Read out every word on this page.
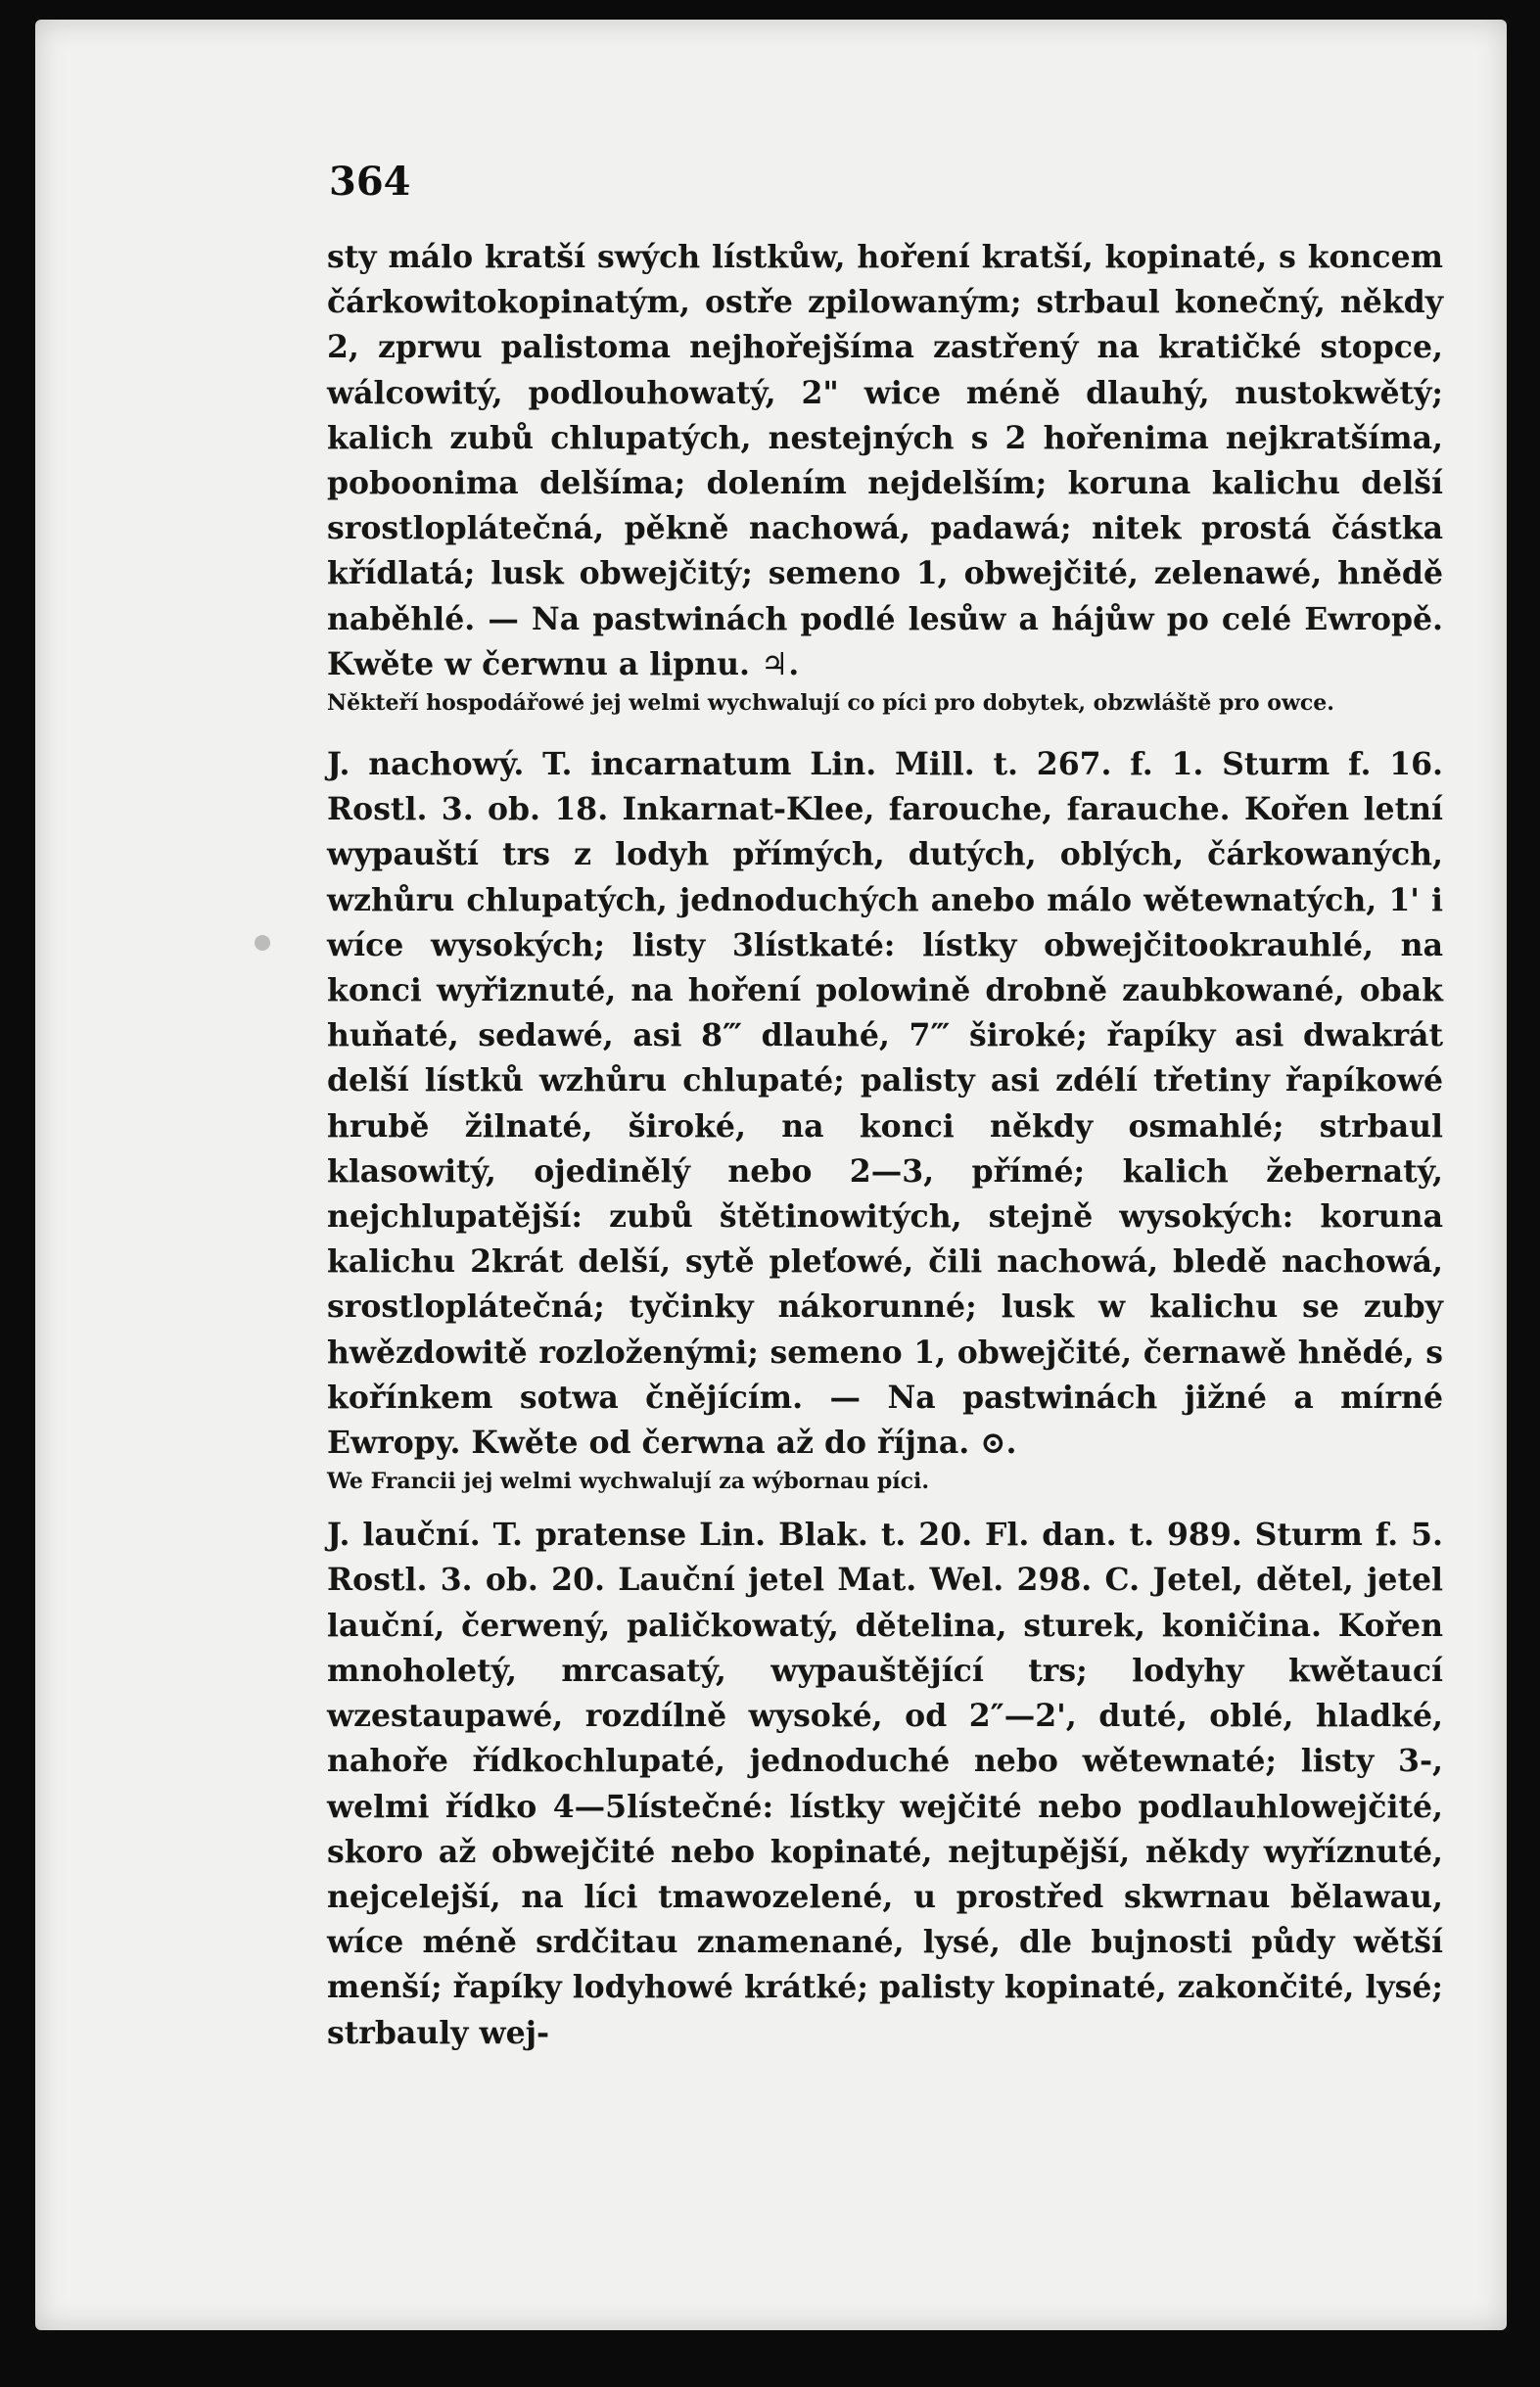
364

sty málo kratší swých lístkůw, hoření kratší, kopinaté, s koncem čárkowitokopinatým, ostře zpilowaným; strbaul konečný, někdy 2, zprwu palistoma nejhořejšíma zastřený na kratičké stopce, wálcowitý, podlouhowatý, 2" wice méně dlauhý, nustokwětý; kalich zubů chlupatých, nestejných s 2 hořenima nejkratšíma, poboonima delšíma; dolením nejdelším; koruna kalichu delší srostloplátečná, pěkně nachowá, padawá; nitek prostá částka křídlatá; lusk obwejčitý; semeno 1, obwejčité, zelenawé, hnědě naběhlé. — Na pastwinách podlé lesůw a hájůw po celé Ewropě. Kwěte w čerwnu a lipnu. ♃.

Někteří hospodářowé jej welmi wychwalují co píci pro dobytek, obzwláště pro owce.

J. nachowý. T. incarnatum Lin. Mill. t. 267. f. 1. Sturm f. 16. Rostl. 3. ob. 18. Inkarnat-Klee, farouche, farauche. Kořen letní wypauští trs z lodyh přímých, dutých, oblých, čárkowaných, wzhůru chlupatých, jednoduchých anebo málo wětewnatých, 1' i wíce wysokých; listy 3lístkaté: lístky obwejčitookrauhlé, na konci wyřiznuté, na hoření polowině drobně zaubkowané, obak huňaté, sedawé, asi 8‴ dlauhé, 7‴ široké; řapíky asi dwakrát delší lístků wzhůru chlupaté; palisty asi zdélí třetiny řapíkowé hrubě žilnaté, široké, na konci někdy osmahlé; strbaul klasowitý, ojedinělý nebo 2—3, přímé; kalich žebernatý, nejchlupatější: zubů štětinowitých, stejně wysokých: koruna kalichu 2krát delší, sytě pleťowé, čili nachowá, bledě nachowá, srostloplátečná; tyčinky nákorunné; lusk w kalichu se zuby hwězdowitě rozloženými; semeno 1, obwejčité, černawě hnědé, s kořínkem sotwa čnějícím. — Na pastwinách jižné a mírné Ewropy. Kwěte od čerwna až do října. ⊙.

We Francii jej welmi wychwalují za wýbornau píci.

J. lauční. T. pratense Lin. Blak. t. 20. Fl. dan. t. 989. Sturm f. 5. Rostl. 3. ob. 20. Lauční jetel Mat. Wel. 298. C. Jetel, dětel, jetel lauční, čerwený, paličkowatý, dětelina, sturek, koničina. Kořen mnoholetý, mrcasatý, wypauštějící trs; lodyhy kwětaucí wzestaupawé, rozdílně wysoké, od 2″—2', duté, oblé, hladké, nahoře řídkochlupaté, jednoduché nebo wětewnaté; listy 3-, welmi řídko 4—5lístečné: lístky wejčité nebo podlauhlowejčité, skoro až obwejčité nebo kopinaté, nejtupější, někdy wyříznuté, nejcelejší, na líci tmawozelené, u prostřed skwrnau bělawau, wíce méně srdčitau znamenané, lysé, dle bujnosti půdy wětší menší; řapíky lodyhowé krátké; palisty kopinaté, zakončité, lysé; strbauly wej-
